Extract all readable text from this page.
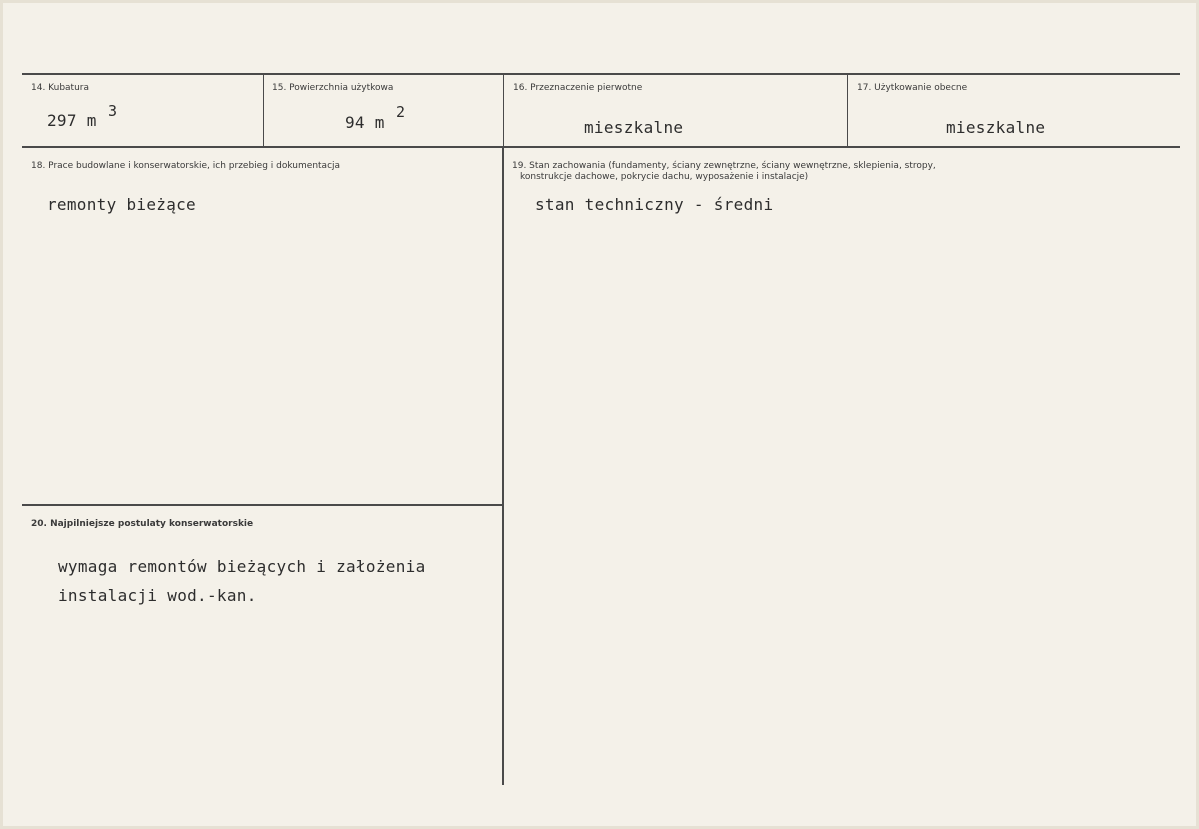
14. Kubatura
297 m 3
15. Powierzchnia użytkowa
94 m
2
16. Przeznaczenie pierwotne
mieszkalne
17. Użytkowanie obecne
mieszkalne
18. Prace budowlane i konserwatorskie, ich przebieg i dokumentacja
remonty bieżące
19. Stan zachowania (fundamenty, ściany zewnętrzne, ściany wewnętrzne, sklepienia, stropy,
konstrukcje dachowe, pokrycie dachu, wyposażenie i instalacje)
stan techniczny - średni
20. Najpilniejsze postulaty konserwatorskie
wymaga remontów bieżących i założenia
instalacji wod.-kan.
